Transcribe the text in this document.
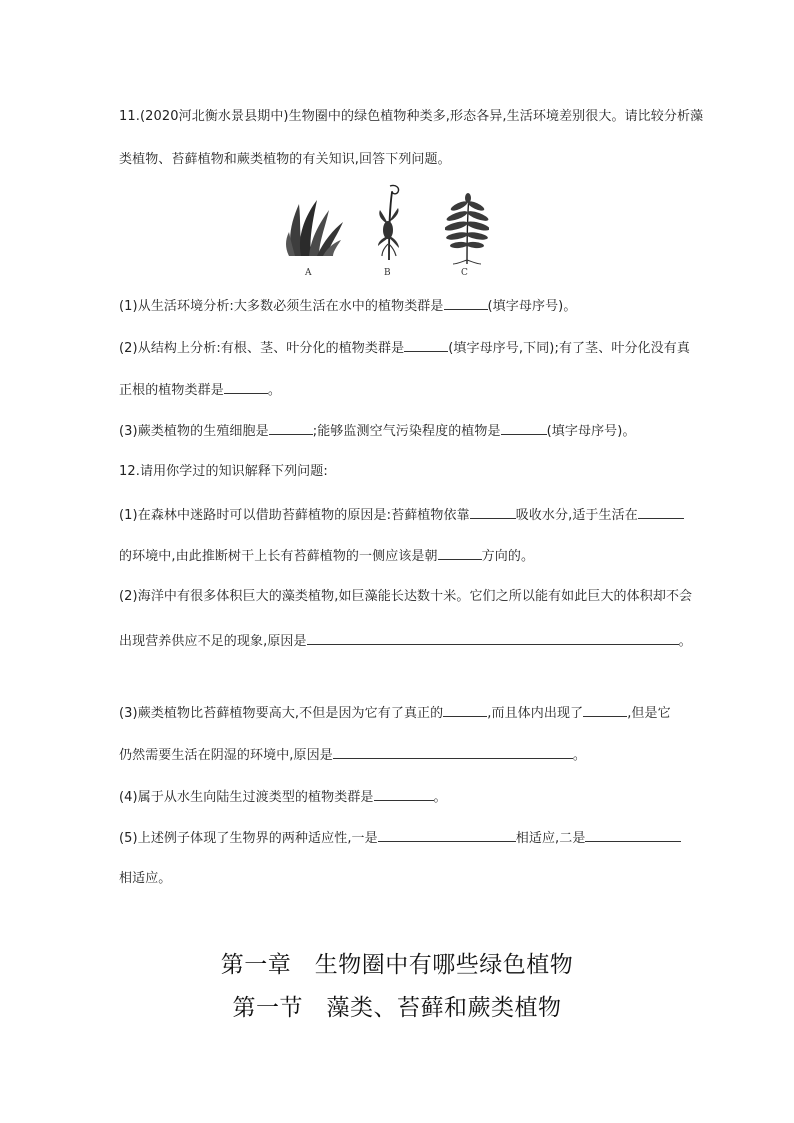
11.(2020河北衡水景县期中)生物圈中的绿色植物种类多,形态各异,生活环境差别很大。请比较分析藻
类植物、苔藓植物和蕨类植物的有关知识,回答下列问题。
A	B	C
(1)从生活环境分析:大多数必须生活在水中的植物类群是	(填字母序号)。
(2)从结构上分析:有根、茎、叶分化的植物类群是	(填字母序号,下同);有了茎、叶分化没有真
正根的植物类群是	。
(3)蕨类植物的生殖细胞是	;能够监测空气污染程度的植物是	(填字母序号)。
12.请用你学过的知识解释下列问题:
(1)在森林中迷路时可以借助苔藓植物的原因是:苔藓植物依靠	吸收水分,适于生活在
的环境中,由此推断树干上长有苔藓植物的一侧应该是朝	方向的。
(2)海洋中有很多体积巨大的藻类植物,如巨藻能长达数十米。它们之所以能有如此巨大的体积却不会
出现营养供应不足的现象,原因是	。
(3)蕨类植物比苔藓植物要高大,不但是因为它有了真正的	,而且体内出现了	,但是它
仍然需要生活在阴湿的环境中,原因是	。
(4)属于从水生向陆生过渡类型的植物类群是	。
(5)上述例子体现了生物界的两种适应性,一是	相适应,二是
相适应。
第一章　生物圈中有哪些绿色植物
第一节　藻类、苔藓和蕨类植物
